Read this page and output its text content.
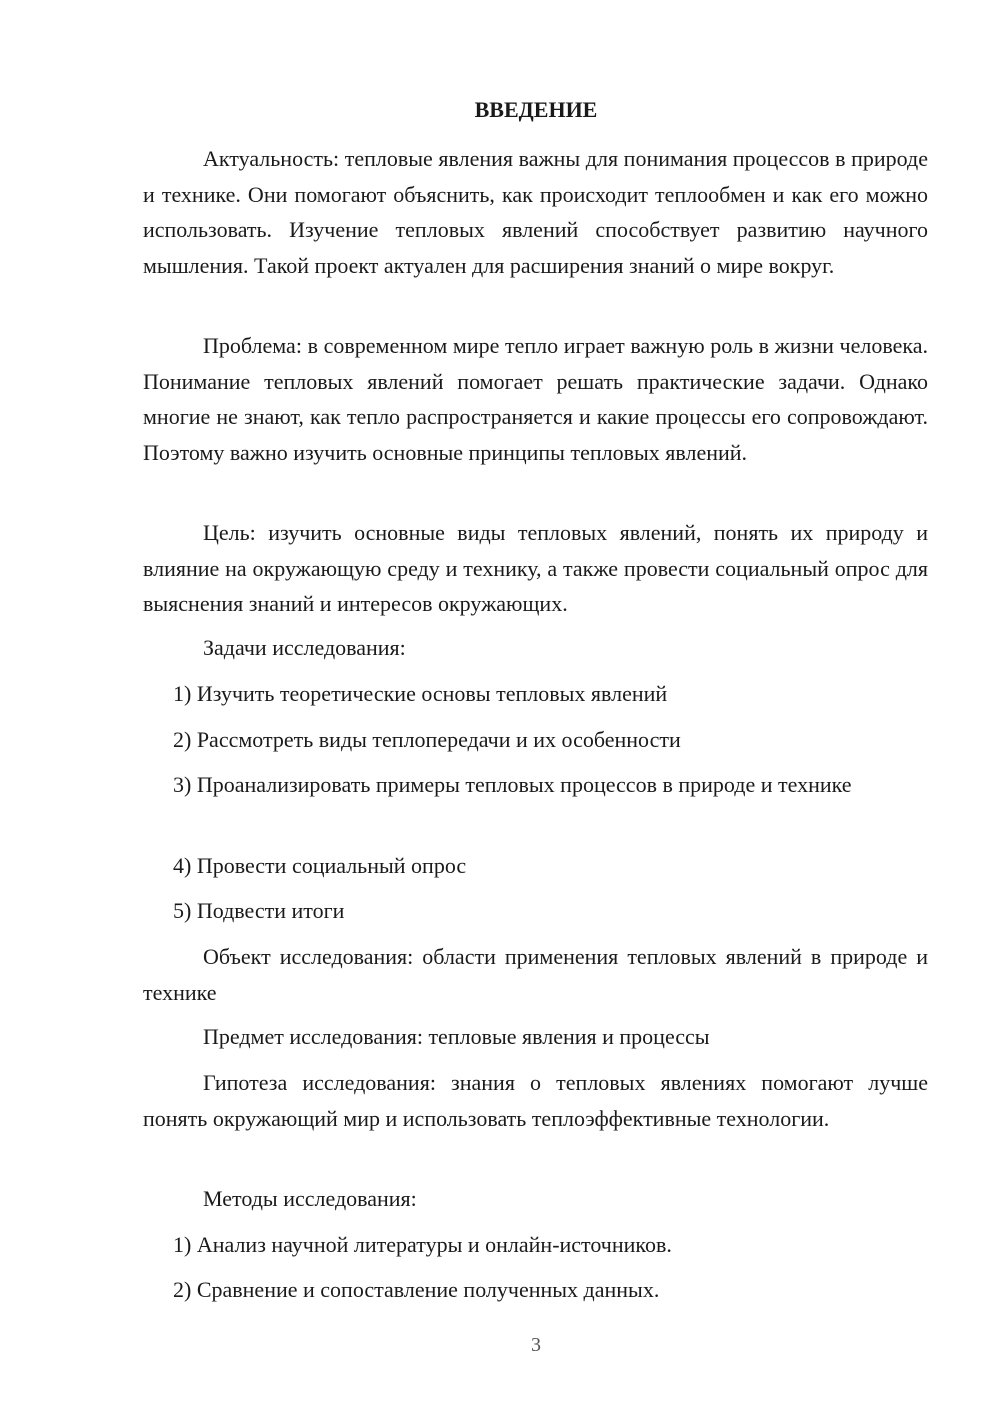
ВВЕДЕНИЕ

Актуальность: тепловые явления важны для понимания процессов в природе и технике. Они помогают объяснить, как происходит теплообмен и как его можно использовать. Изучение тепловых явлений способствует развитию научного мышления. Такой проект актуален для расширения знаний о мире вокруг.

Проблема: в современном мире тепло играет важную роль в жизни человека. Понимание тепловых явлений помогает решать практические задачи. Однако многие не знают, как тепло распространяется и какие процессы его сопровождают. Поэтому важно изучить основные принципы тепловых явлений.

Цель: изучить основные виды тепловых явлений, понять их природу и влияние на окружающую среду и технику, а также провести социальный опрос для выяснения знаний и интересов окружающих.

Задачи исследования:

1) Изучить теоретические основы тепловых явлений

2) Рассмотреть виды теплопередачи и их особенности

3) Проанализировать примеры тепловых процессов в природе и технике

4) Провести социальный опрос

5) Подвести итоги

Объект исследования: области применения тепловых явлений в природе и технике

Предмет исследования: тепловые явления и процессы

Гипотеза исследования: знания о тепловых явлениях помогают лучше понять окружающий мир и использовать теплоэффективные технологии.

Методы исследования:

1) Анализ научной литературы и онлайн-источников.

2) Сравнение и сопоставление полученных данных.

3
